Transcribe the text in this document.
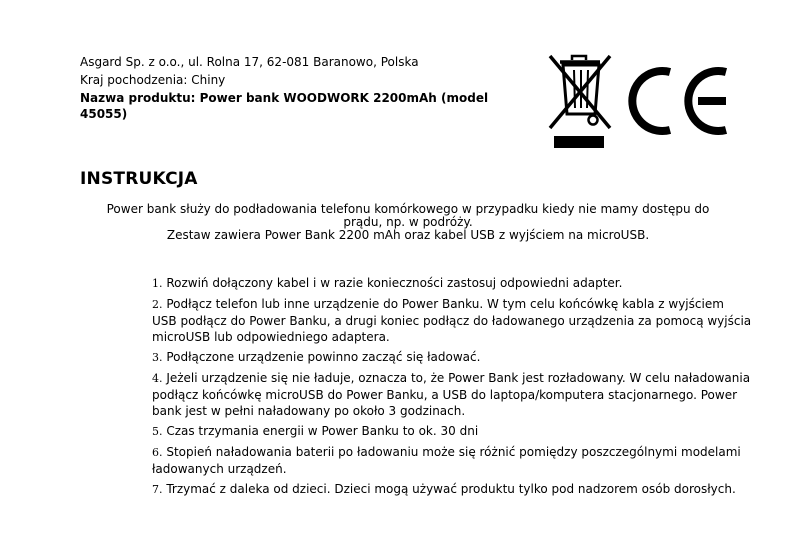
Asgard Sp. z o.o., ul. Rolna 17, 62-081 Baranowo, Polska
Kraj pochodzenia: Chiny
Nazwa produktu: Power bank WOODWORK 2200mAh (model 45055)
INSTRUKCJA

Power bank służy do podładowania telefonu komórkowego w przypadku kiedy nie mamy dostępu do prądu, np. w podróży.

Zestaw zawiera Power Bank 2200 mAh oraz kabel USB z wyjściem na microUSB.

1. Rozwiń dołączony kabel i w razie konieczności zastosuj odpowiedni adapter.
2. Podłącz telefon lub inne urządzenie do Power Banku. W tym celu końcówkę kabla z wyjściem USB podłącz do Power Banku, a drugi koniec podłącz do ładowanego urządzenia za pomocą wyjścia microUSB lub odpowiedniego adaptera.
3. Podłączone urządzenie powinno zacząć się ładować.
4. Jeżeli urządzenie się nie ładuje, oznacza to, że Power Bank jest rozładowany. W celu naładowania podłącz końcówkę microUSB do Power Banku, a USB do laptopa/komputera stacjonarnego. Power bank jest w pełni naładowany po około 3 godzinach.
5. Czas trzymania energii w Power Banku to ok. 30 dni
6. Stopień naładowania baterii po ładowaniu może się różnić pomiędzy poszczególnymi modelami ładowanych urządzeń.
7. Trzymać z daleka od dzieci. Dzieci mogą używać produktu tylko pod nadzorem osób dorosłych.
